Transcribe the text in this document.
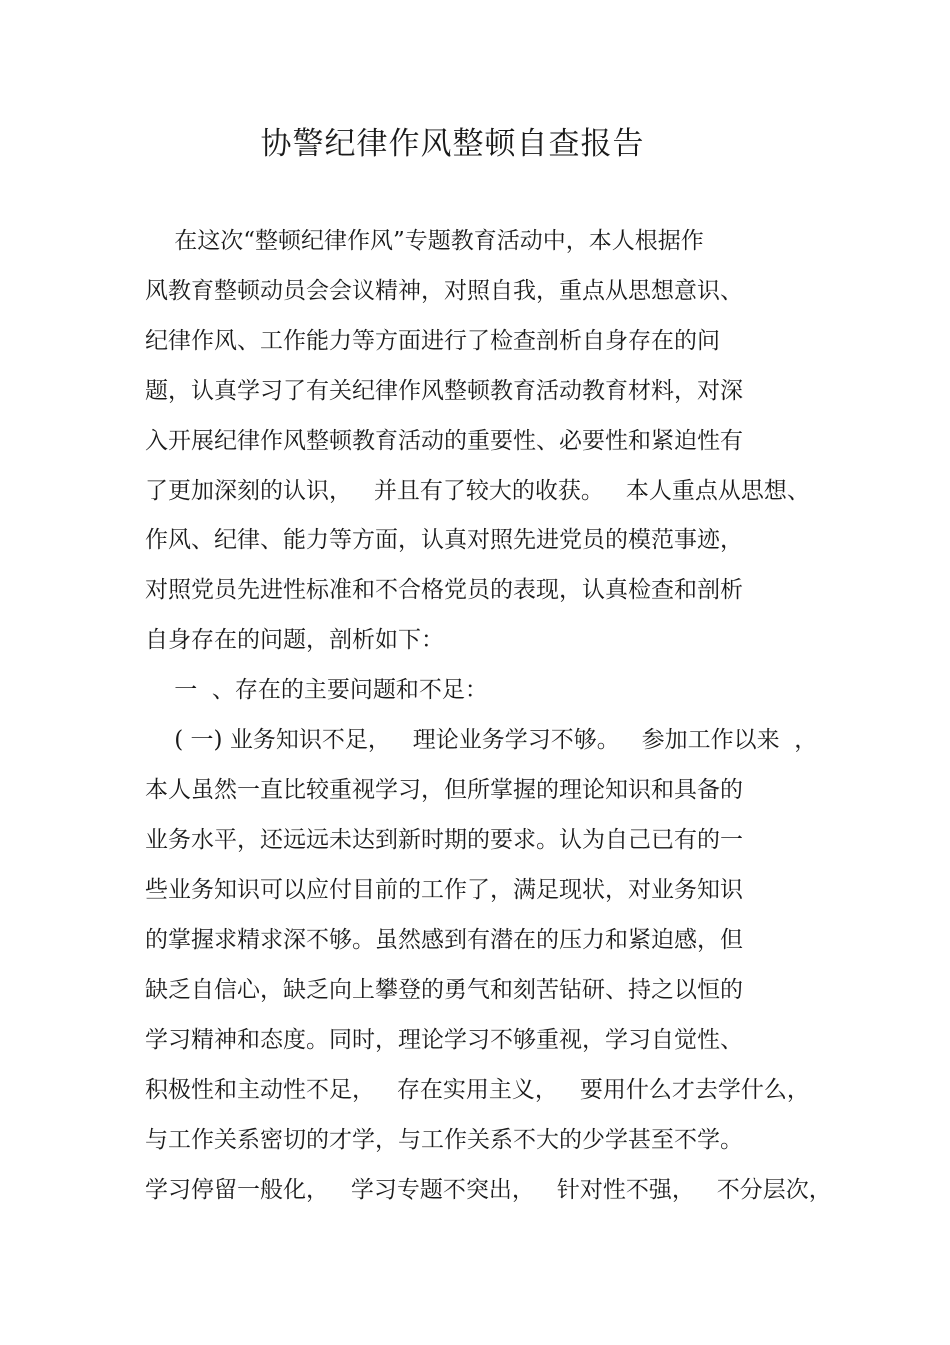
协警纪律作风整顿自查报告

在这次“整顿纪律作风”专题教育活动中，本人根据作

风教育整顿动员会会议精神，对照自我，重点从思想意识、

纪律作风、工作能力等方面进行了检查剖析自身存在的问

题，认真学习了有关纪律作风整顿教育活动教育材料，对深

入开展纪律作风整顿教育活动的重要性、必要性和紧迫性有

了更加深刻的认识，   并且有了较大的收获。   本人重点从思想、

作风、纪律、能力等方面，认真对照先进党员的模范事迹，

对照党员先进性标准和不合格党员的表现，认真检查和剖析

自身存在的问题，剖析如下：

一  、存在的主要问题和不足：

( 一) 业务知识不足，   理论业务学习不够。   参加工作以来  ，

本人虽然一直比较重视学习，但所掌握的理论知识和具备的

业务水平，还远远未达到新时期的要求。认为自己已有的一

些业务知识可以应付目前的工作了，满足现状，对业务知识

的掌握求精求深不够。虽然感到有潜在的压力和紧迫感，但

缺乏自信心，缺乏向上攀登的勇气和刻苦钻研、持之以恒的

学习精神和态度。同时，理论学习不够重视，学习自觉性、

积极性和主动性不足，   存在实用主义，   要用什么才去学什么，

与工作关系密切的才学，与工作关系不大的少学甚至不学。

学习停留一般化，   学习专题不突出，   针对性不强，   不分层次，
